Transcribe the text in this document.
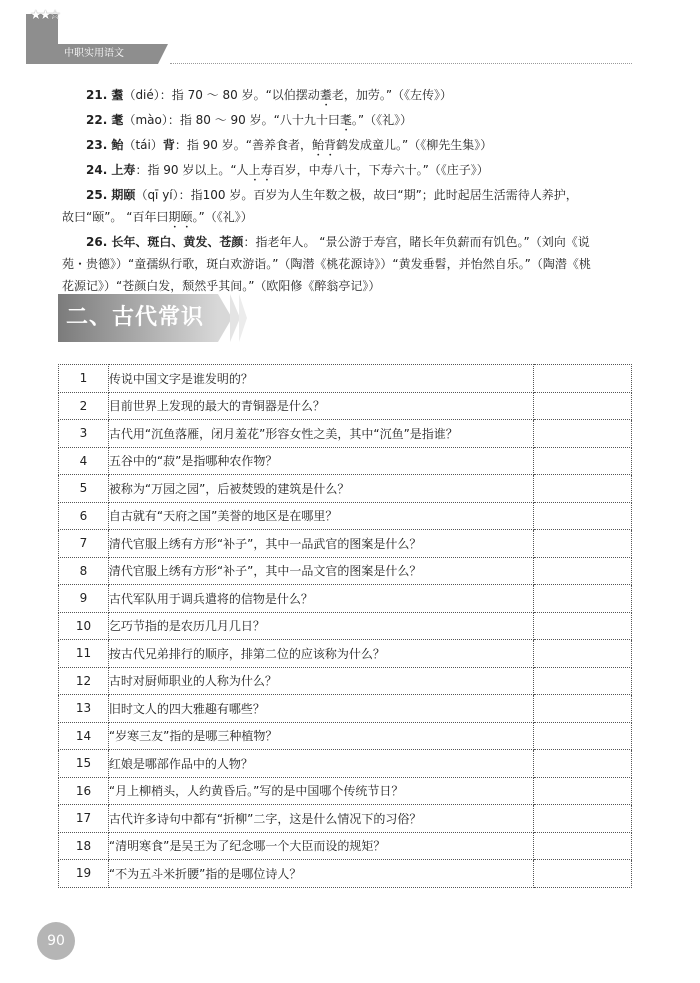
★★☆
中职实用语文

21. 耋（dié）：指 70 ～ 80 岁。“以伯摆动耋老，加劳。”（《左传》）

22. 耄（mào）：指 80 ～ 90 岁。“八十九十曰耄。”（《礼》）

23. 鲐（tái）背：指 90 岁。“善养食者，鲐背鹤发成童儿。”（《柳先生集》）

24. 上寿：指 90 岁以上。“人上寿百岁，中寿八十，下寿六十。”（《庄子》）

25. 期颐（qī yí）：指100 岁。百岁为人生年数之极，故曰“期”；此时起居生活需待人养护，

故曰“颐”。 “百年曰期颐。”（《礼》）

26. 长年、斑白、黄发、苍颜：指老年人。 “景公游于寿宫，睹长年负薪而有饥色。”（刘向《说

苑・贵德》）“童孺纵行歌，斑白欢游诣。”（陶潜《桃花源诗》）“黄发垂髫，并怡然自乐。”（陶潜《桃

花源记》）“苍颜白发，颓然乎其间。”（欧阳修《醉翁亭记》）

二、古代常识
1	传说中国文字是谁发明的？	
2	目前世界上发现的最大的青铜器是什么？	
3	古代用“沉鱼落雁，闭月羞花”形容女性之美，其中“沉鱼”是指谁？	
4	五谷中的“菽”是指哪种农作物？	
5	被称为“万园之园”，后被焚毁的建筑是什么？	
6	自古就有“天府之国”美誉的地区是在哪里？	
7	清代官服上绣有方形“补子”，其中一品武官的图案是什么？	
8	清代官服上绣有方形“补子”，其中一品文官的图案是什么？	
9	古代军队用于调兵遣将的信物是什么？	
10	乞巧节指的是农历几月几日？	
11	按古代兄弟排行的顺序，排第二位的应该称为什么？	
12	古时对厨师职业的人称为什么？	
13	旧时文人的四大雅趣有哪些？	
14	“岁寒三友”指的是哪三种植物？	
15	红娘是哪部作品中的人物？	
16	“月上柳梢头，人约黄昏后。”写的是中国哪个传统节日？	
17	古代许多诗句中都有“折柳”二字，这是什么情况下的习俗？	
18	“清明寒食”是吴王为了纪念哪一个大臣而设的规矩？	
19	“不为五斗米折腰”指的是哪位诗人？	
90
